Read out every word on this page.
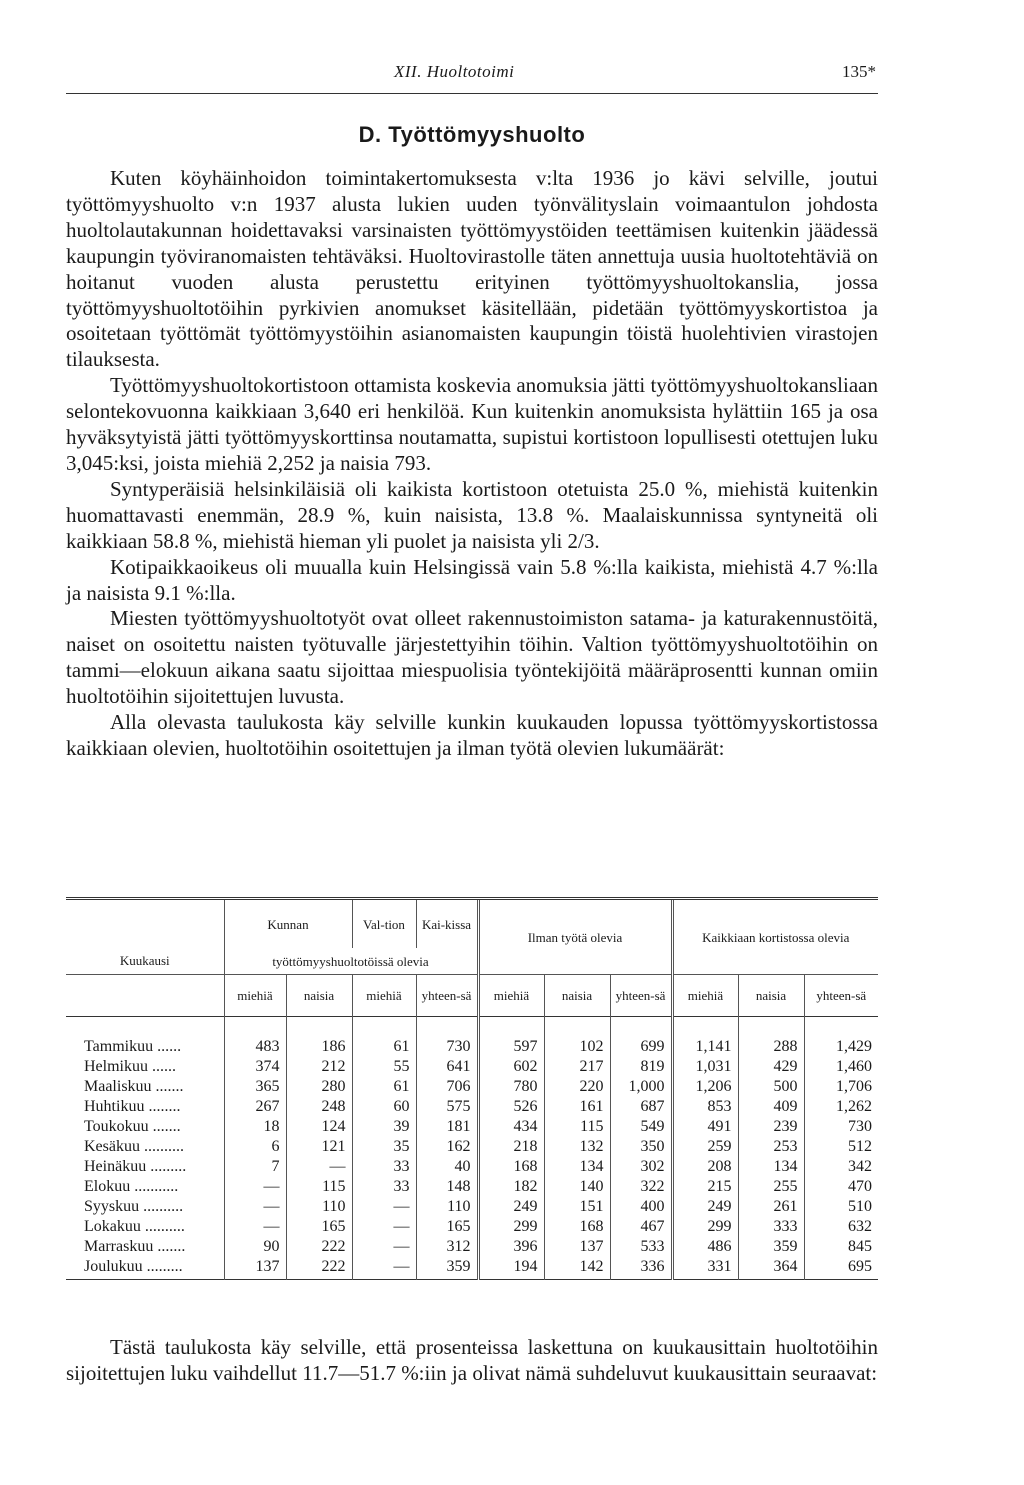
XII. Huoltotoimi	135*
D. Työttömyyshuolto

Kuten köyhäinhoidon toimintakertomuksesta v:lta 1936 jo kävi selville, joutui työttömyyshuolto v:n 1937 alusta lukien uuden työnvälityslain voimaantulon johdosta huoltolautakunnan hoidettavaksi varsinaisten työttömyystöiden teettämisen kuitenkin jäädessä kaupungin työviranomaisten tehtäväksi. Huoltovirastolle täten annettuja uusia huoltotehtäviä on hoitanut vuoden alusta perustettu erityinen työttömyyshuoltokanslia, jossa työttömyyshuoltotöihin pyrkivien anomukset käsitellään, pidetään työttömyyskortistoa ja osoitetaan työttömät työttömyystöihin asianomaisten kaupungin töistä huolehtivien virastojen tilauksesta.

Työttömyyshuoltokortistoon ottamista koskevia anomuksia jätti työttömyyshuoltokansliaan selontekovuonna kaikkiaan 3,640 eri henkilöä. Kun kuitenkin anomuksista hylättiin 165 ja osa hyväksytyistä jätti työttömyyskorttinsa noutamatta, supistui kortistoon lopullisesti otettujen luku 3,045:ksi, joista miehiä 2,252 ja naisia 793.

Syntyperäisiä helsinkiläisiä oli kaikista kortistoon otetuista 25.0 %, miehistä kuitenkin huomattavasti enemmän, 28.9 %, kuin naisista, 13.8 %. Maalaiskunnissa syntyneitä oli kaikkiaan 58.8 %, miehistä hieman yli puolet ja naisista yli 2/3.

Kotipaikkaoikeus oli muualla kuin Helsingissä vain 5.8 %:lla kaikista, miehistä 4.7 %:lla ja naisista 9.1 %:lla.

Miesten työttömyyshuoltotyöt ovat olleet rakennustoimiston satama- ja katurakennustöitä, naiset on osoitettu naisten työtuvalle järjestettyihin töihin. Valtion työttömyyshuoltotöihin on tammi—elokuun aikana saatu sijoittaa miespuolisia työntekijöitä määräprosentti kunnan omiin huoltotöihin sijoitettujen luvusta.

Alla olevasta taulukosta käy selville kunkin kuukauden lopussa työttömyyskortistossa kaikkiaan olevien, huoltotöihin osoitettujen ja ilman työtä olevien lukumäärät:

Kuukausi	Kunnan		Val-tion	Kai-kissa	Ilman työtä olevia			Kaikkiaan kortistossa olevia		
	työttömyyshuoltotöissä olevia									
	miehiä	naisia	miehiä	yhteen-sä	miehiä	naisia	yhteen-sä	miehiä	naisia	yhteen-sä

Tammikuu ......	483	186	61	730	597	102	699	1,141	288	1,429
Helmikuu ......	374	212	55	641	602	217	819	1,031	429	1,460
Maaliskuu .......	365	280	61	706	780	220	1,000	1,206	500	1,706
Huhtikuu ........	267	248	60	575	526	161	687	853	409	1,262
Toukokuu .......	18	124	39	181	434	115	549	491	239	730
Kesäkuu ..........	6	121	35	162	218	132	350	259	253	512
Heinäkuu .........	7	—	33	40	168	134	302	208	134	342
Elokuu ...........	—	115	33	148	182	140	322	215	255	470
Syyskuu ..........	—	110	—	110	249	151	400	249	261	510
Lokakuu ..........	—	165	—	165	299	168	467	299	333	632
Marraskuu .......	90	222	—	312	396	137	533	486	359	845
Joulukuu .........	137	222	—	359	194	142	336	331	364	695

Tästä taulukosta käy selville, että prosenteissa laskettuna on kuukausittain huoltotöihin sijoitettujen luku vaihdellut 11.7—51.7 %:iin ja olivat nämä suhdeluvut kuukausittain seuraavat:
